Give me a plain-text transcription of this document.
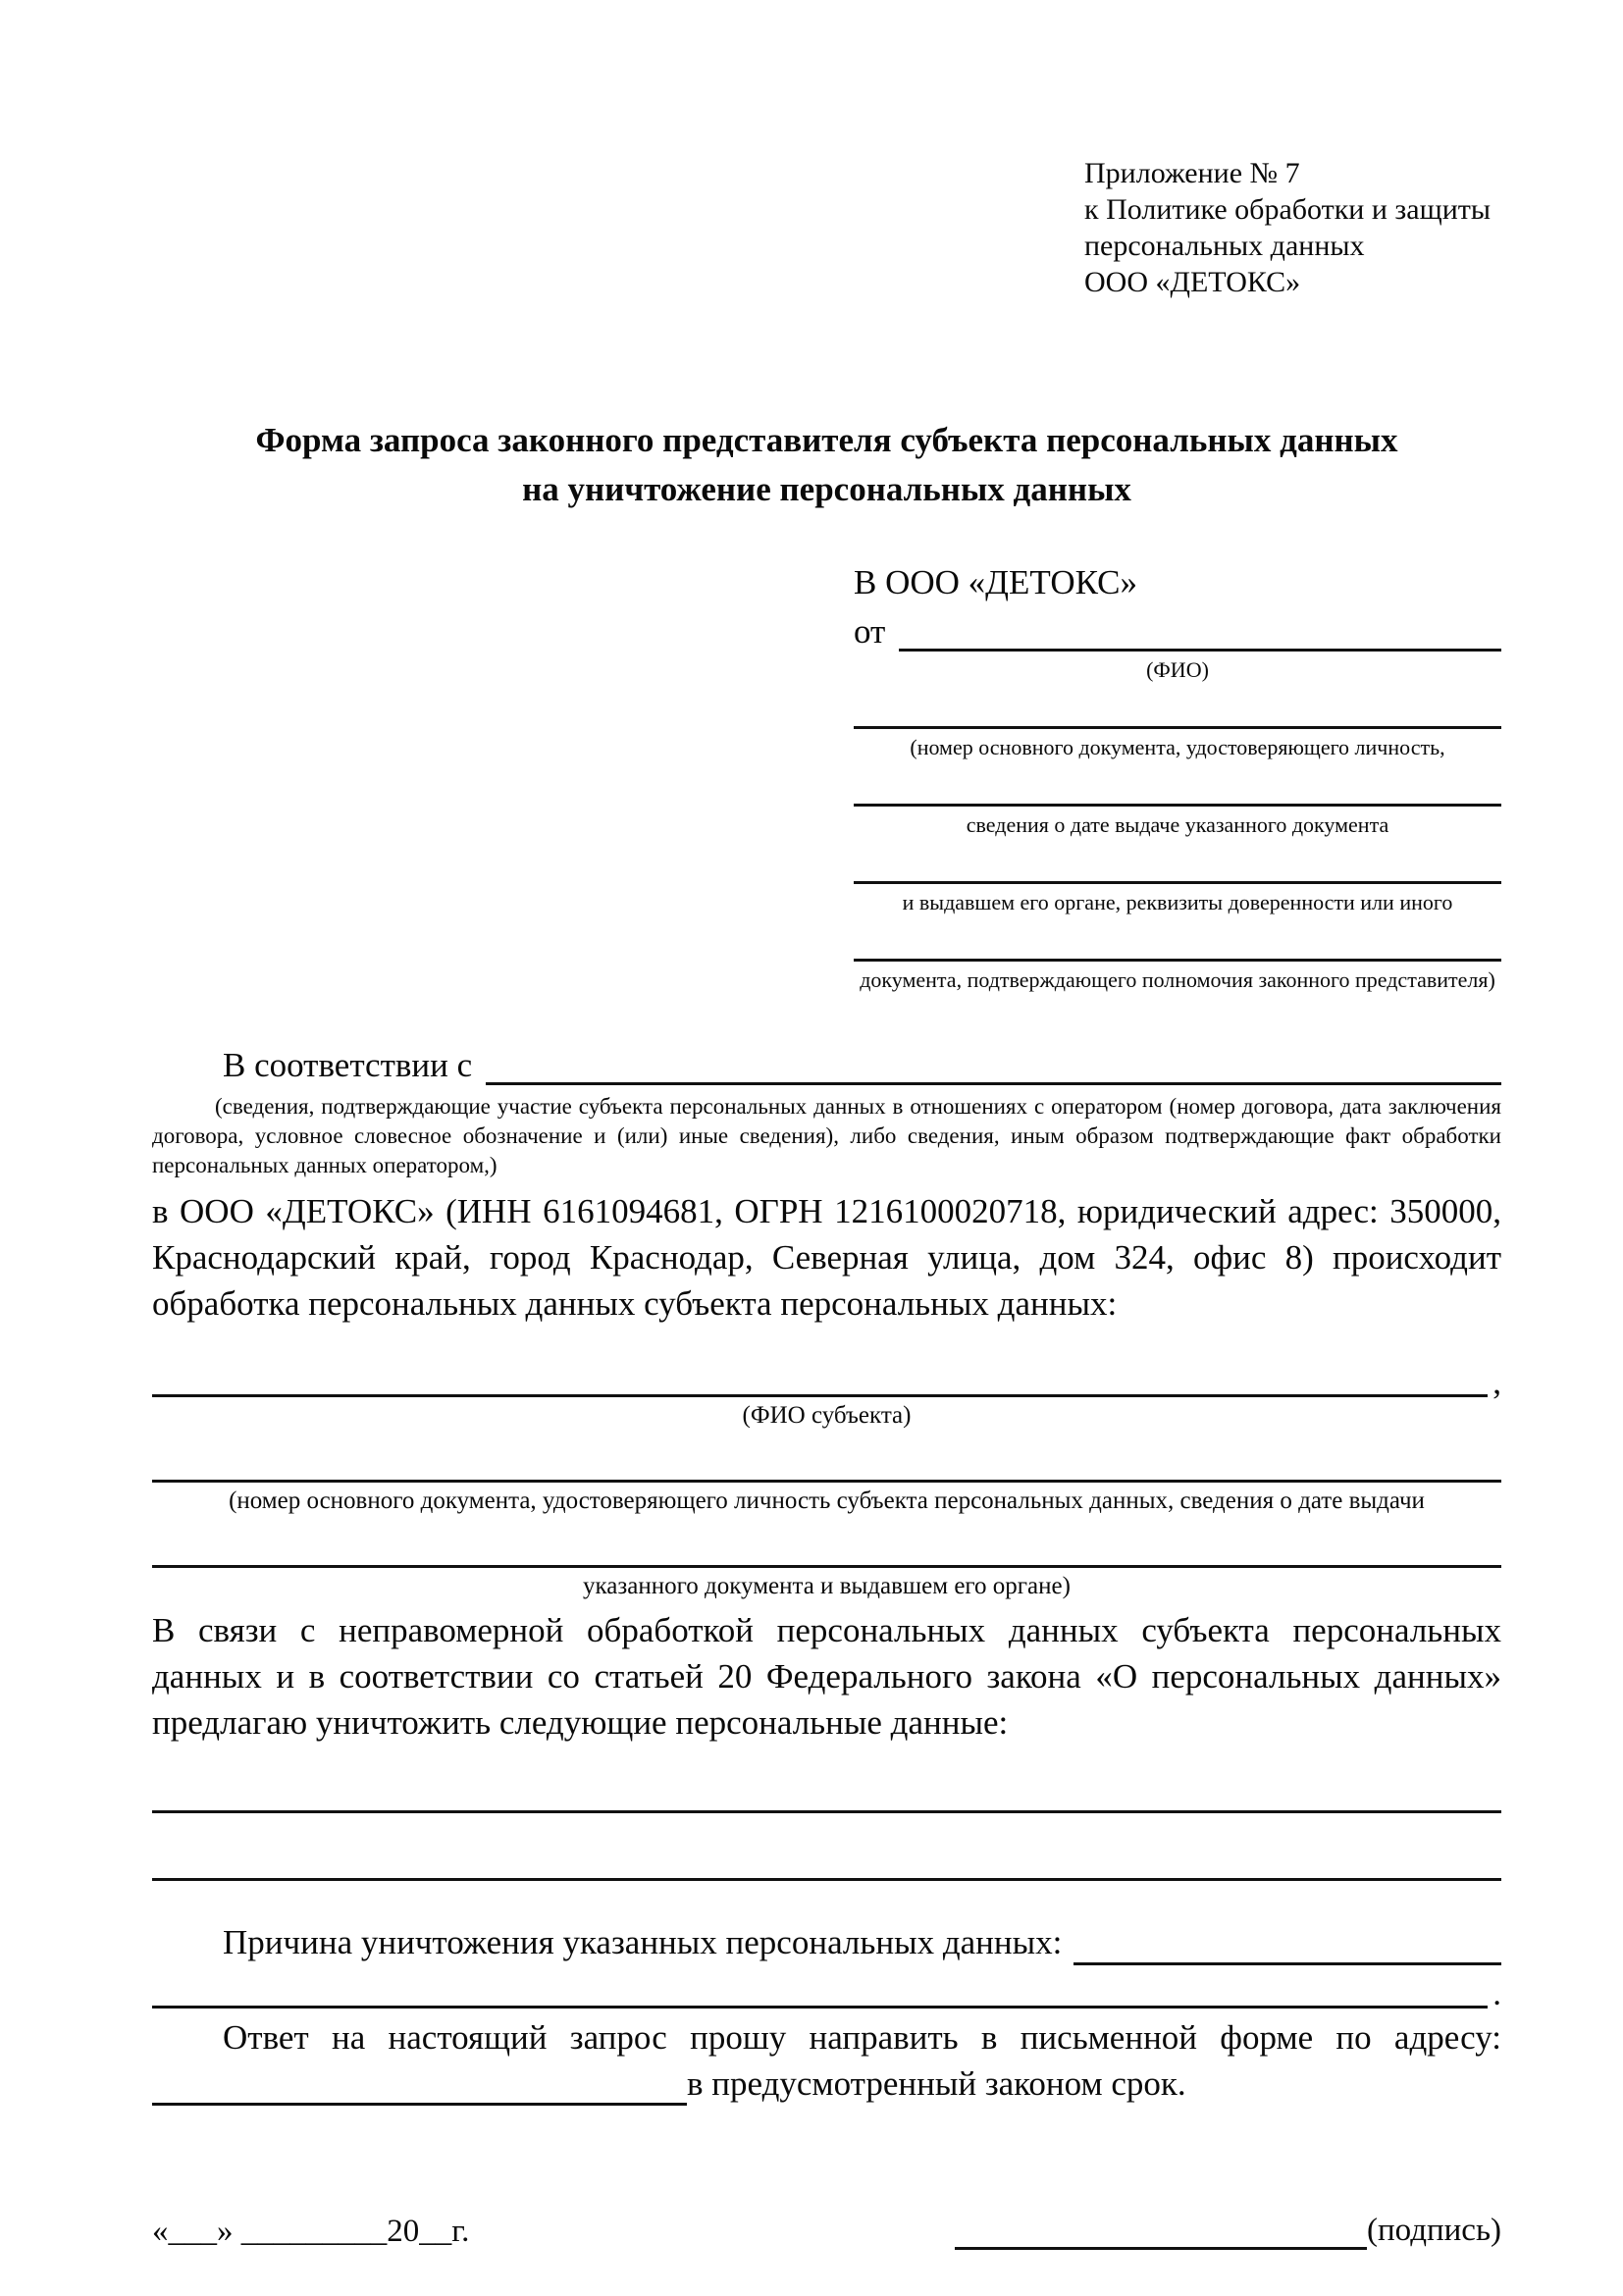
Приложение № 7
к Политике обработки и защиты
персональных данных
ООО «ДЕТОКС»
Форма запроса законного представителя субъекта персональных данных
на уничтожение персональных данных
В ООО «ДЕТОКС»
от
(ФИО)
(номер основного документа, удостоверяющего личность,
сведения о дате выдаче указанного документа
и выдавшем его органе, реквизиты доверенности или иного
документа, подтверждающего полномочия законного представителя)
В соответствии с
(сведения, подтверждающие участие субъекта персональных данных в отношениях с оператором (номер договора, дата заключения договора, условное словесное обозначение и (или) иные сведения), либо сведения, иным образом подтверждающие факт обработки персональных данных оператором,)
в ООО «ДЕТОКС» (ИНН 6161094681, ОГРН 1216100020718, юридический адрес: 350000, Краснодарский край, город Краснодар, Северная улица, дом 324, офис 8) происходит обработка персональных данных субъекта персональных данных:
,
(ФИО субъекта)
(номер основного документа, удостоверяющего личность субъекта персональных данных, сведения о дате выдачи
указанного документа и выдавшем его органе)
В связи с неправомерной обработкой персональных данных субъекта персональных данных и в соответствии со статьей 20 Федерального закона «О персональных данных» предлагаю уничтожить следующие персональные данные:
Причина уничтожения указанных персональных данных:
.
Ответ на настоящий запрос прошу направить в письменной форме по адресу:
в предусмотренный законом срок.
«___» _________20__г.	(подпись)
